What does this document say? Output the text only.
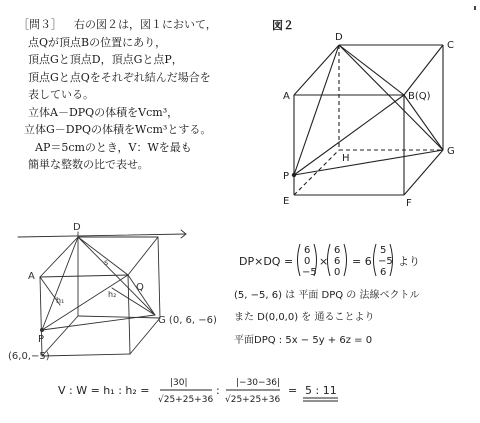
［問３］ 右の図２は，図１において，
点Qが頂点Bの位置にあり，
頂点Gと頂点D，頂点Gと点P，
頂点Gと点Qをそれぞれ結んだ場合を
表している。
立体A－DPQの体積をVcm³，
立体G－DPQの体積をWcm³とする。
AP＝5cmのとき，V：Wを最も
簡単な整数の比で表せ。
図２
D
C
A	B(Q)
H
G
P
E	F
D
A
P
Q
h₁
h₂
s
(6,0,−5)
G (0, 6, −6)
DP×DQ =
6
0
−5
×
6
6
0
= 6
5
−5
6
より
(5, −5, 6) は 平面 DPQ の 法線ベクトル
また D(0,0,0) を 通ることより
平面DPQ : 5x − 5y + 6z = 0
V : W = h₁ : h₂ =
|30|
√25+25+36
:
|−30−36|
√25+25+36
= 5 : 11
